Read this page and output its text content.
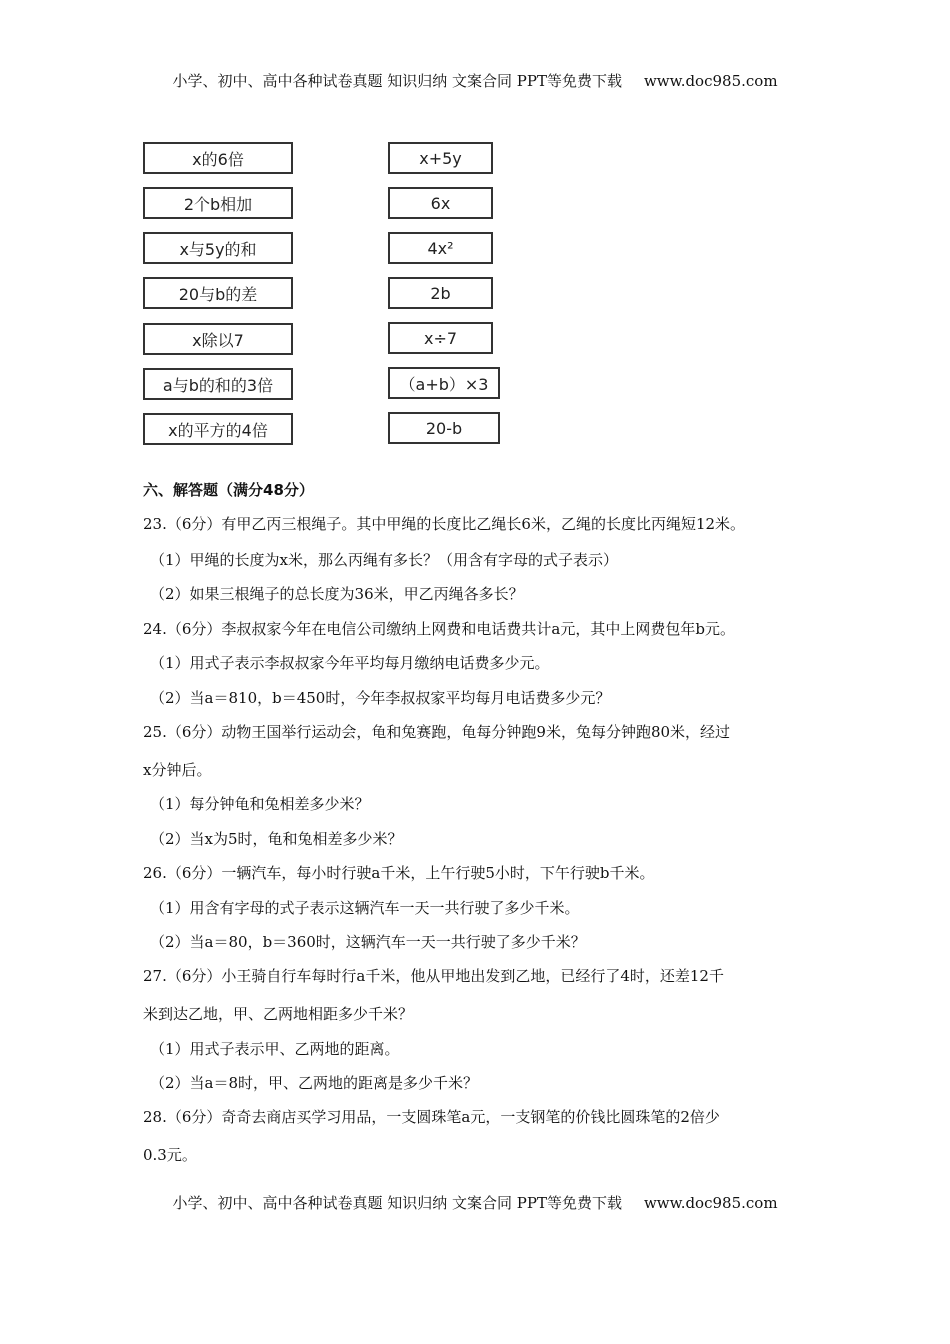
小学、初中、高中各种试卷真题 知识归纳 文案合同 PPT等免费下载 www.doc985.com
x的6倍
2个b相加
x与5y的和
20与b的差
x除以7
a与b的和的3倍
x的平方的4倍
x+5y
6x
4x²
2b
x÷7
（a+b）×3
20-b
六、解答题（满分48分）
23.（6分）有甲乙丙三根绳子。其中甲绳的长度比乙绳长6米，乙绳的长度比丙绳短12米。
（1）甲绳的长度为x米，那么丙绳有多长？（用含有字母的式子表示）
（2）如果三根绳子的总长度为36米，甲乙丙绳各多长？
24.（6分）李叔叔家今年在电信公司缴纳上网费和电话费共计a元，其中上网费包年b元。
（1）用式子表示李叔叔家今年平均每月缴纳电话费多少元。
（2）当a＝810，b＝450时，今年李叔叔家平均每月电话费多少元？
25.（6分）动物王国举行运动会，龟和兔赛跑，龟每分钟跑9米，兔每分钟跑80米，经过
x分钟后。
（1）每分钟龟和兔相差多少米？
（2）当x为5时，龟和兔相差多少米？
26.（6分）一辆汽车，每小时行驶a千米，上午行驶5小时，下午行驶b千米。
（1）用含有字母的式子表示这辆汽车一天一共行驶了多少千米。
（2）当a＝80，b＝360时，这辆汽车一天一共行驶了多少千米？
27.（6分）小王骑自行车每时行a千米，他从甲地出发到乙地，已经行了4时，还差12千
米到达乙地，甲、乙两地相距多少千米？
（1）用式子表示甲、乙两地的距离。
（2）当a＝8时，甲、乙两地的距离是多少千米？
28.（6分）奇奇去商店买学习用品，一支圆珠笔a元，一支钢笔的价钱比圆珠笔的2倍少
0.3元。
小学、初中、高中各种试卷真题 知识归纳 文案合同 PPT等免费下载 www.doc985.com
